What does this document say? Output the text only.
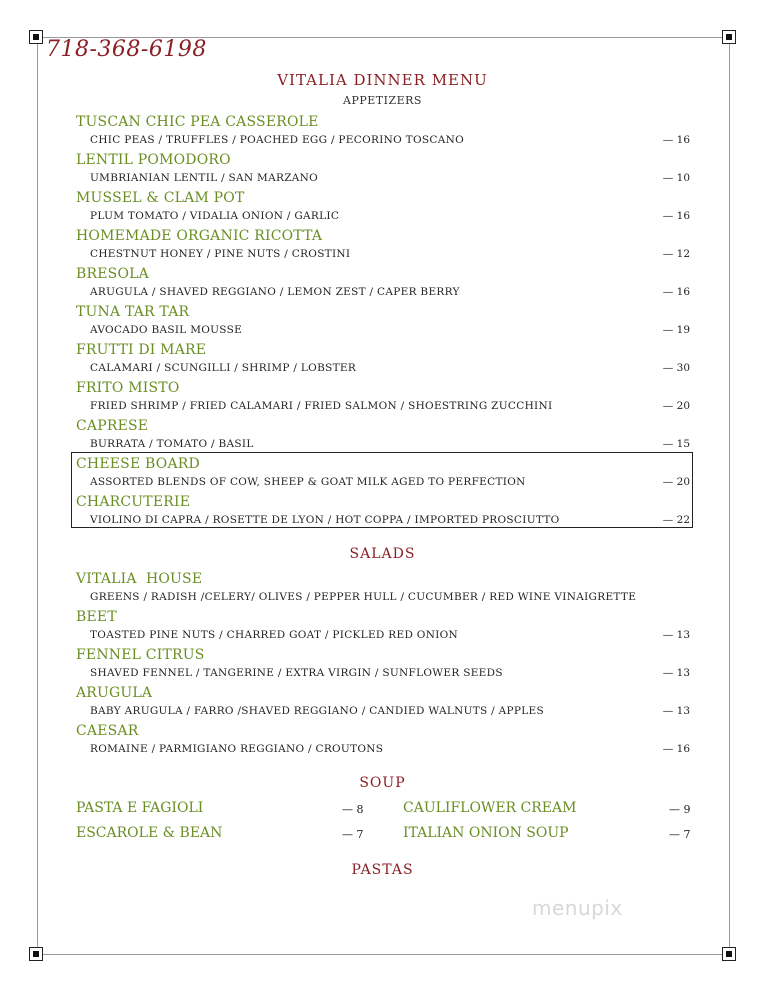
718-368-6198
VITALIA DINNER MENU
APPETIZERS
TUSCAN CHIC PEA CASSEROLE
CHIC PEAS / TRUFFLES / POACHED EGG / PECORINO TOSCANO	— 16
LENTIL POMODORO
UMBRIANIAN LENTIL / SAN MARZANO	— 10
MUSSEL & CLAM POT
PLUM TOMATO / VIDALIA ONION / GARLIC	— 16
HOMEMADE ORGANIC RICOTTA
CHESTNUT HONEY / PINE NUTS / CROSTINI	— 12
BRESOLA
ARUGULA / SHAVED REGGIANO / LEMON ZEST / CAPER BERRY	— 16
TUNA TAR TAR
AVOCADO BASIL MOUSSE	— 19
FRUTTI DI MARE
CALAMARI / SCUNGILLI / SHRIMP / LOBSTER	— 30
FRITO MISTO
FRIED SHRIMP / FRIED CALAMARI / FRIED SALMON / SHOESTRING ZUCCHINI	— 20
CAPRESE
BURRATA / TOMATO / BASIL	— 15
CHEESE BOARD
ASSORTED BLENDS OF COW, SHEEP & GOAT MILK AGED TO PERFECTION	— 20
CHARCUTERIE
VIOLINO DI CAPRA / ROSETTE DE LYON / HOT COPPA / IMPORTED PROSCIUTTO	— 22
SALADS
VITALIA  HOUSE
GREENS / RADISH /CELERY/ OLIVES / PEPPER HULL / CUCUMBER / RED WINE VINAIGRETTE
BEET
TOASTED PINE NUTS / CHARRED GOAT / PICKLED RED ONION	— 13
FENNEL CITRUS
SHAVED FENNEL / TANGERINE / EXTRA VIRGIN / SUNFLOWER SEEDS	— 13
ARUGULA
BABY ARUGULA / FARRO /SHAVED REGGIANO / CANDIED WALNUTS / APPLES	— 13
CAESAR
ROMAINE / PARMIGIANO REGGIANO / CROUTONS	— 16
SOUP
PASTA E FAGIOLI	— 8	CAULIFLOWER CREAM	— 9
ESCAROLE & BEAN	— 7	ITALIAN ONION SOUP	— 7
PASTAS
menupix
